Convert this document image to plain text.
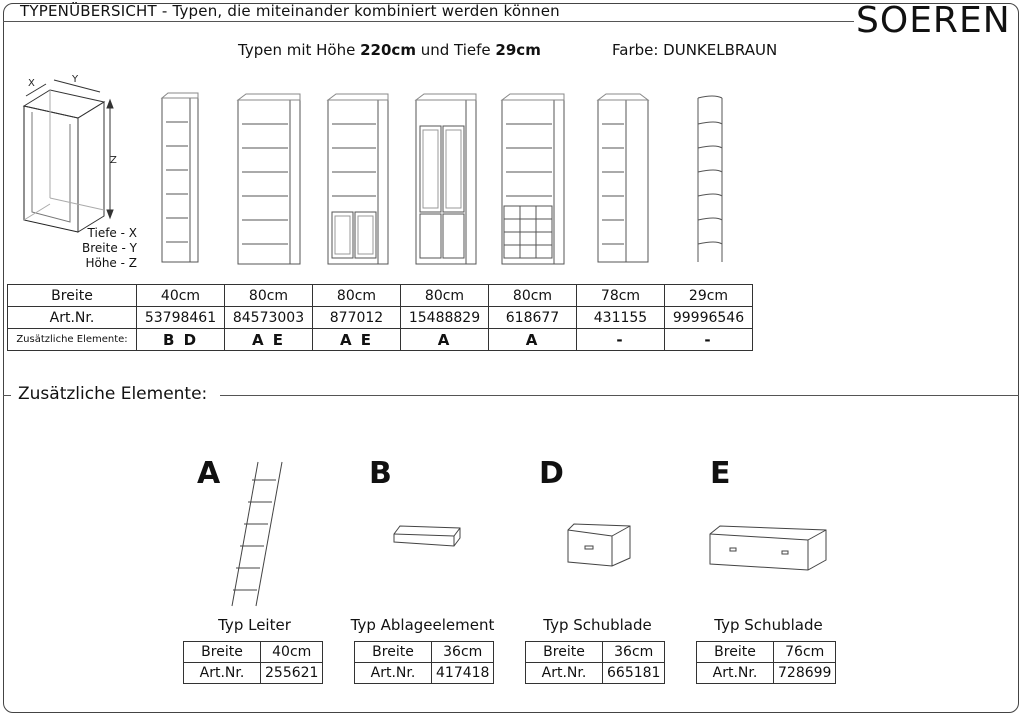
TYPENÜBERSICHT - Typen, die miteinander kombiniert werden können	SOEREN
Typen mit Höhe 220cm und Tiefe 29cm	Farbe: DUNKELBRAUN
X	Y
Z
Tiefe - X
Breite - Y
Höhe - Z
Breite	40cm	80cm	80cm	80cm	80cm	78cm	29cm
Art.Nr.	53798461	84573003	877012	15488829	618677	431155	99996546
Zusätzliche Elemente:	B D	A E	A E	A	A	-	-
Zusätzliche Elemente:
A
Typ Leiter
Breite	40cm
Art.Nr.	255621
B
Typ Ablageelement
Breite	36cm
Art.Nr.	417418
D
Typ Schublade
Breite	36cm
Art.Nr.	665181
E
Typ Schublade
Breite	76cm
Art.Nr.	728699
